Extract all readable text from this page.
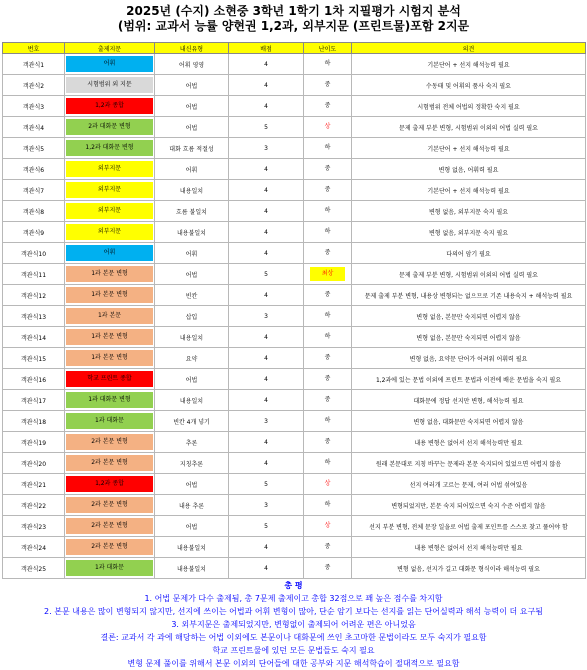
2025년 (수지) 소현중 3학년 1학기 1차 지필평가 시험지 분석
(범위: 교과서 능률 양현권 1,2과, 외부지문 (프린트물)포함 2지문
번호	출제지문	내신유형	배점	난이도	의견
객관식1	어휘	어휘 영영	4	하	기본단어 + 선지 해석능력 필요
객관식2	시험범위 외 지문	어법	4	중	수동태 및 어휘의 품사 숙지 필요
객관식3	1,2과 종합	어법	4	중	시험범위 전체 어법의 정확한 숙지 필요
객관식4	2과 대화문 변형	어법	5	상	문제 출제 부분 변형, 시험범위 이외의 어법 실력 필요
객관식5	1,2과 대화문 변형	대화 흐름 적절성	3	하	기본단어 + 선지 해석능력 필요
객관식6	외부지문	어휘	4	중	변형 없음, 어휘력 필요
객관식7	외부지문	내용일치	4	중	기본단어 + 선지 해석능력 필요
객관식8	외부지문	흐름 불일치	4	하	변형 없음, 외부지문 숙지 필요
객관식9	외부지문	내용불일치	4	하	변형 없음, 외부지문 숙지 필요
객관식10	어휘	어휘	4	중	다의어 암기 필요
객관식11	1과 본문 변형	어법	5	최상	문제 출제 부분 변형, 시험범위 이외의 어법 실력 필요
객관식12	1과 본문 변형	빈칸	4	중	문제 출제 부분 변형, 내용상 변형되는 없으므로 기존 내용숙지 + 해석능력 필요
객관식13	1과 본문	삽입	3	하	변형 없음, 본문만 숙지되면 어렵지 않음
객관식14	1과 본문 변형	내용일치	4	하	변형 없음, 본문만 숙지되면 어렵지 않음
객관식15	1과 본문 변형	요약	4	중	변형 없음, 요약문 단어가 어려워 어휘력 필요
객관식16	학교 프린트 종합	어법	4	중	1,2과에 있는 문법 이외에 프린트 문법과 이전에 배운 문법을 숙지 필요
객관식17	1과 대화문 변형	내용일치	4	중	대화문에 정답 선지만 변형, 해석능력 필요
객관식18	1과 대화문	빈칸 4개 넣기	3	하	변형 없음, 대화문만 숙지되면 어렵지 않음
객관식19	2과 본문 변형	추론	4	중	내용 변형은 없어서 선지 해석능력만 필요
객관식20	2과 본문 변형	지칭추론	4	하	원래 본문대로 지칭 바꾸는 문제라 본문 숙지되어 있었으면 어렵지 않음
객관식21	1,2과 종합	어법	5	상	선지 여러개 고르는 문제, 여러 어법 섞여있음
객관식22	2과 본문 변형	내용 추론	3	하	변형되었지만, 본문 숙지 되어있으면 숙지 수준 어렵지 않음
객관식23	2과 본문 변형	어법	5	상	선지 부분 변형, 전체 문장 일을로 어법 출제 포인트를 스스로 찾고 풀어야 함
객관식24	2과 본문 변형	내용불일치	4	중	내용 변형은 없어서 선지 해석능력만 필요
객관식25	1과 대화문	내용불일치	4	중	변형 없음, 선지가 길고 대화문 형식이라 해석능력 필요
총 평
1. 어법 문제가 다수 출제됨, 총 7문제 출제이고 총합 32점으로 꽤 높은 점수를 차지함
2. 본문 내용은 많이 변형되지 않지만, 선지에 쓰이는 어법과 어휘 변형이 많아, 단순 암기 보다는 선지를 읽는 단어실력과 해석 능력이 더 요구됨
3. 외부지문은 출제되었지만, 변형없이 출제되어 어려운 편은 아니었음
결론: 교과서 각 과에 해당하는 어법 이외에도 본문이나 대화문에 쓰인 초고마한 문법이라도 모두 숙지가 필요함
학교 프린트물에 있던 모든 문법들도 숙지 필요
변형 문제 풀이를 위해서 본문 이외의 단어들에 대한 공부와 지문 해석학습이 절대적으로 필요함
